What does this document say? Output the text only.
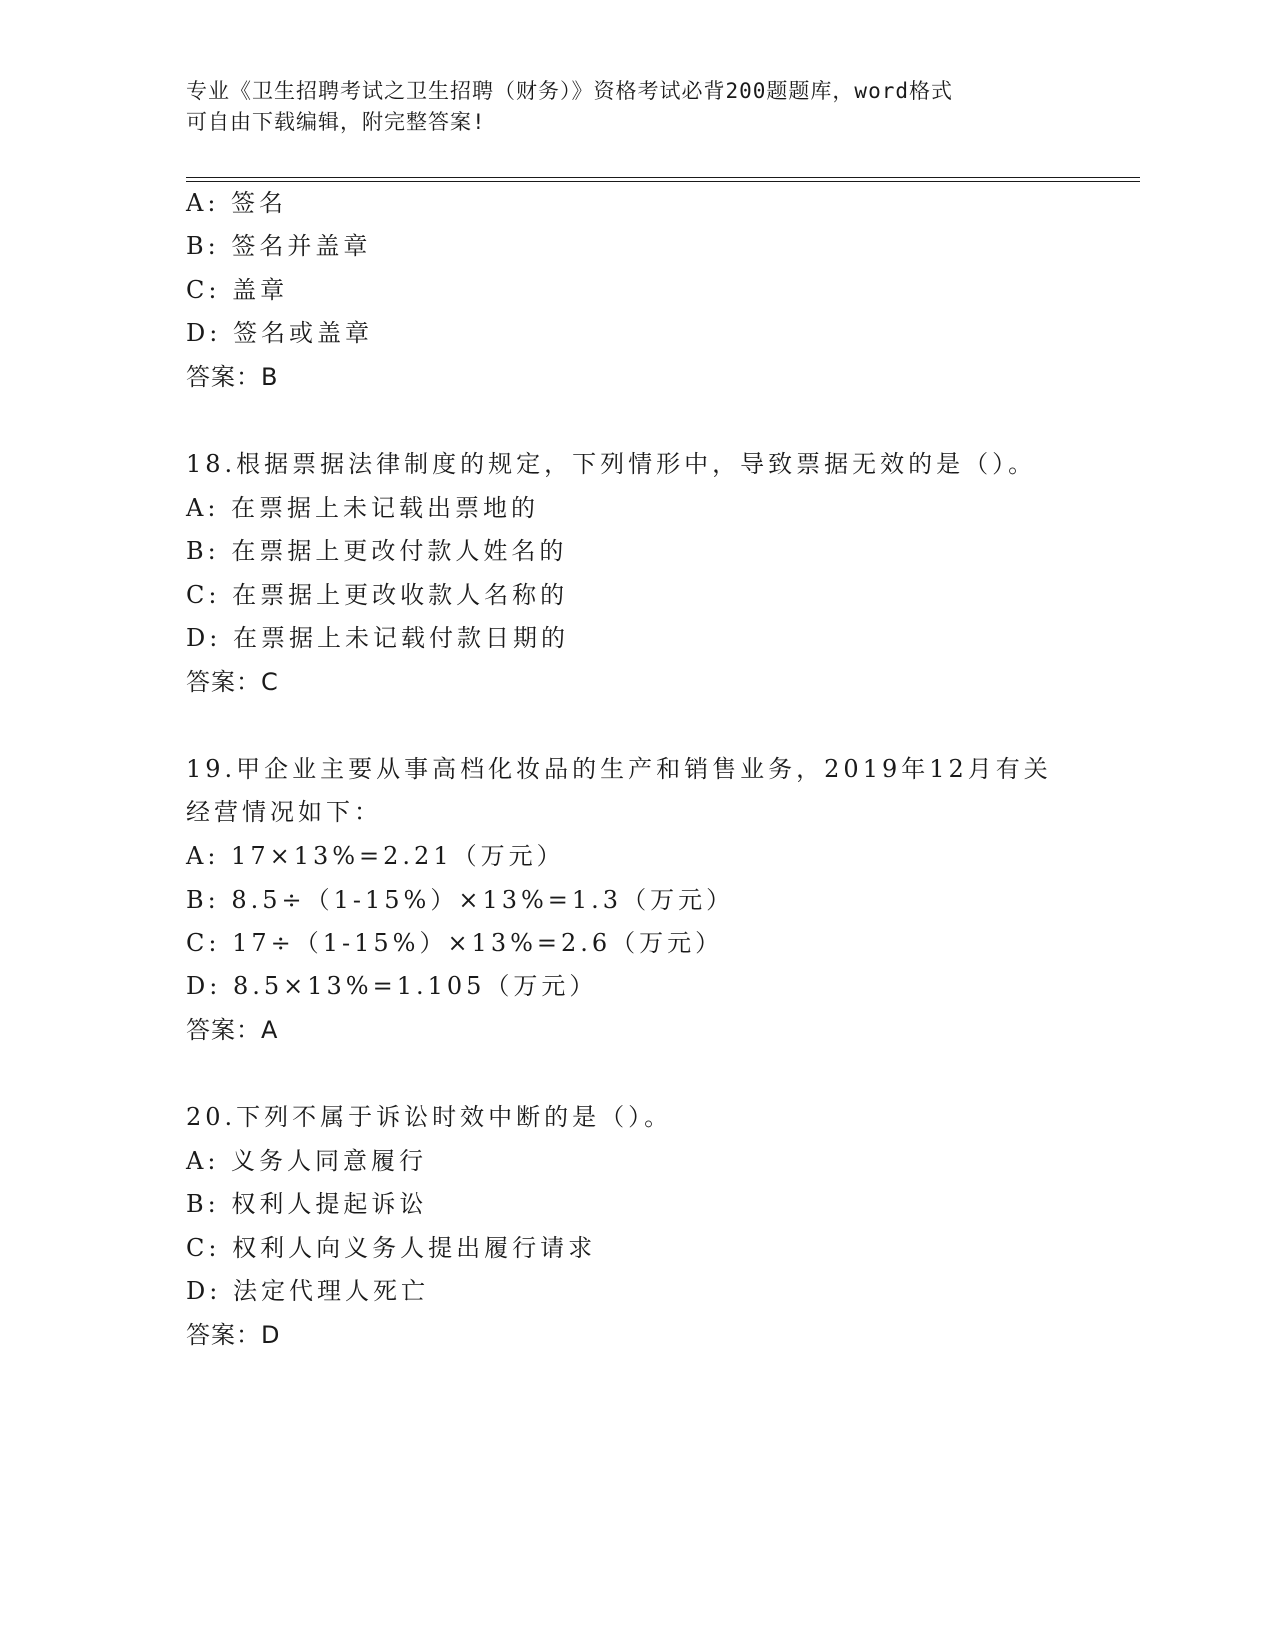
专业《卫生招聘考试之卫生招聘（财务）》资格考试必背200题题库，word格式
可自由下载编辑，附完整答案!
A: 签名
B: 签名并盖章
C: 盖章
D: 签名或盖章
答案：B
18.根据票据法律制度的规定，下列情形中，导致票据无效的是（）。
A: 在票据上未记载出票地的
B: 在票据上更改付款人姓名的
C: 在票据上更改收款人名称的
D: 在票据上未记载付款日期的
答案：C
19.甲企业主要从事高档化妆品的生产和销售业务，2019年12月有关
经营情况如下：
A: 17×13%=2.21（万元）
B: 8.5÷（1-15%）×13%=1.3（万元）
C: 17÷（1-15%）×13%=2.6（万元）
D: 8.5×13%=1.105（万元）
答案：A
20.下列不属于诉讼时效中断的是（）。
A: 义务人同意履行
B: 权利人提起诉讼
C: 权利人向义务人提出履行请求
D: 法定代理人死亡
答案：D
